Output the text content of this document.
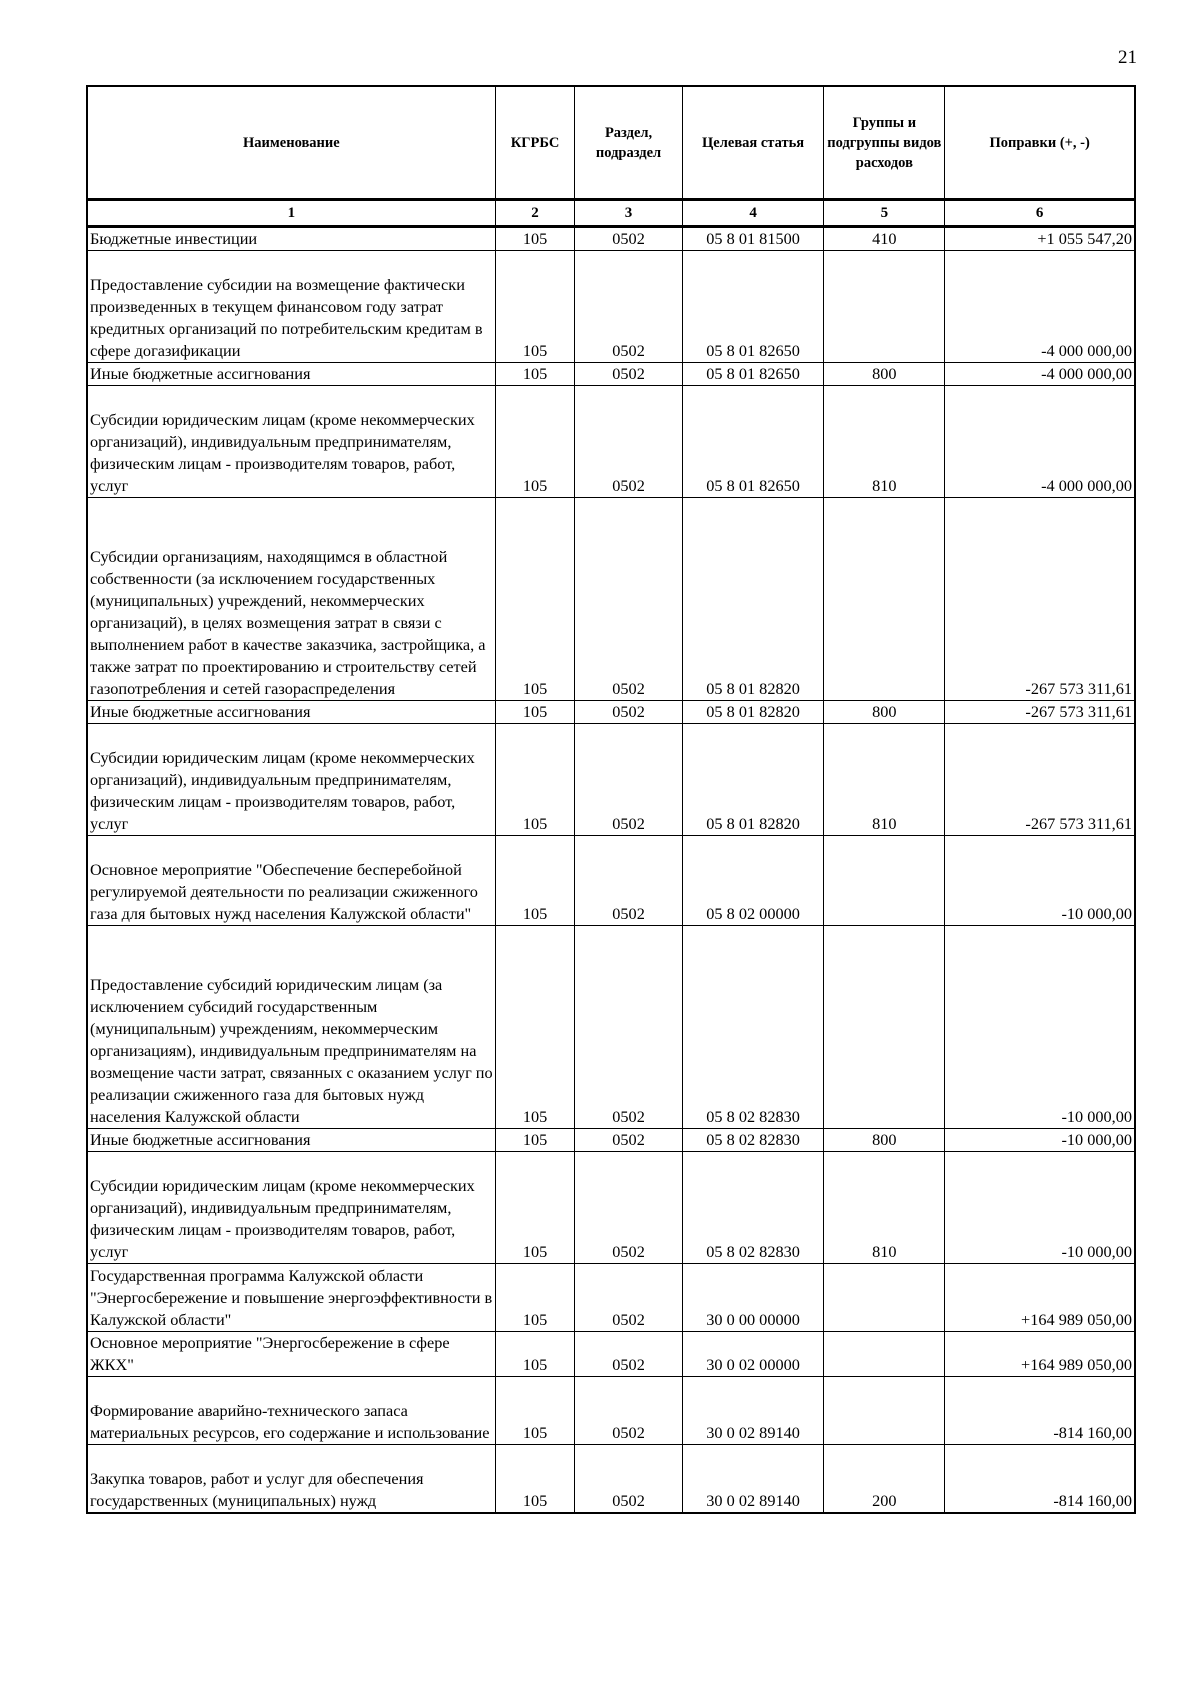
21
Наименование	КГРБС	Раздел, подраздел	Целевая статья	Группы и подгруппы видов расходов	Поправки (+, -)
1	2	3	4	5	6
Бюджетные инвестиции	105	0502	05 8 01 81500	410	+1 055 547,20
Предоставление субсидии на возмещение фактически произведенных в текущем финансовом году затрат кредитных организаций по потребительским кредитам в сфере догазификации	105	0502	05 8 01 82650		-4 000 000,00
Иные бюджетные ассигнования	105	0502	05 8 01 82650	800	-4 000 000,00
Субсидии юридическим лицам (кроме некоммерческих организаций), индивидуальным предпринимателям, физическим лицам - производителям товаров, работ, услуг	105	0502	05 8 01 82650	810	-4 000 000,00
Субсидии организациям, находящимся в областной собственности (за исключением государственных (муниципальных) учреждений, некоммерческих организаций), в целях возмещения затрат в связи с выполнением работ в качестве заказчика, застройщика, а также затрат по проектированию и строительству сетей газопотребления и сетей газораспределения	105	0502	05 8 01 82820		-267 573 311,61
Иные бюджетные ассигнования	105	0502	05 8 01 82820	800	-267 573 311,61
Субсидии юридическим лицам (кроме некоммерческих организаций), индивидуальным предпринимателям, физическим лицам - производителям товаров, работ, услуг	105	0502	05 8 01 82820	810	-267 573 311,61
Основное мероприятие "Обеспечение бесперебойной регулируемой деятельности по реализации сжиженного газа для бытовых нужд населения Калужской области"	105	0502	05 8 02 00000		-10 000,00
Предоставление субсидий юридическим лицам (за исключением субсидий государственным (муниципальным) учреждениям, некоммерческим организациям), индивидуальным предпринимателям на возмещение части затрат, связанных с оказанием услуг по реализации сжиженного газа для бытовых нужд населения Калужской области	105	0502	05 8 02 82830		-10 000,00
Иные бюджетные ассигнования	105	0502	05 8 02 82830	800	-10 000,00
Субсидии юридическим лицам (кроме некоммерческих организаций), индивидуальным предпринимателям, физическим лицам - производителям товаров, работ, услуг	105	0502	05 8 02 82830	810	-10 000,00
Государственная программа Калужской области "Энергосбережение и повышение энергоэффективности в Калужской области"	105	0502	30 0 00 00000		+164 989 050,00
Основное мероприятие "Энергосбережение в сфере ЖКХ"	105	0502	30 0 02 00000		+164 989 050,00
Формирование аварийно-технического запаса материальных ресурсов, его содержание и использование	105	0502	30 0 02 89140		-814 160,00
Закупка товаров, работ и услуг для обеспечения государственных (муниципальных) нужд	105	0502	30 0 02 89140	200	-814 160,00
